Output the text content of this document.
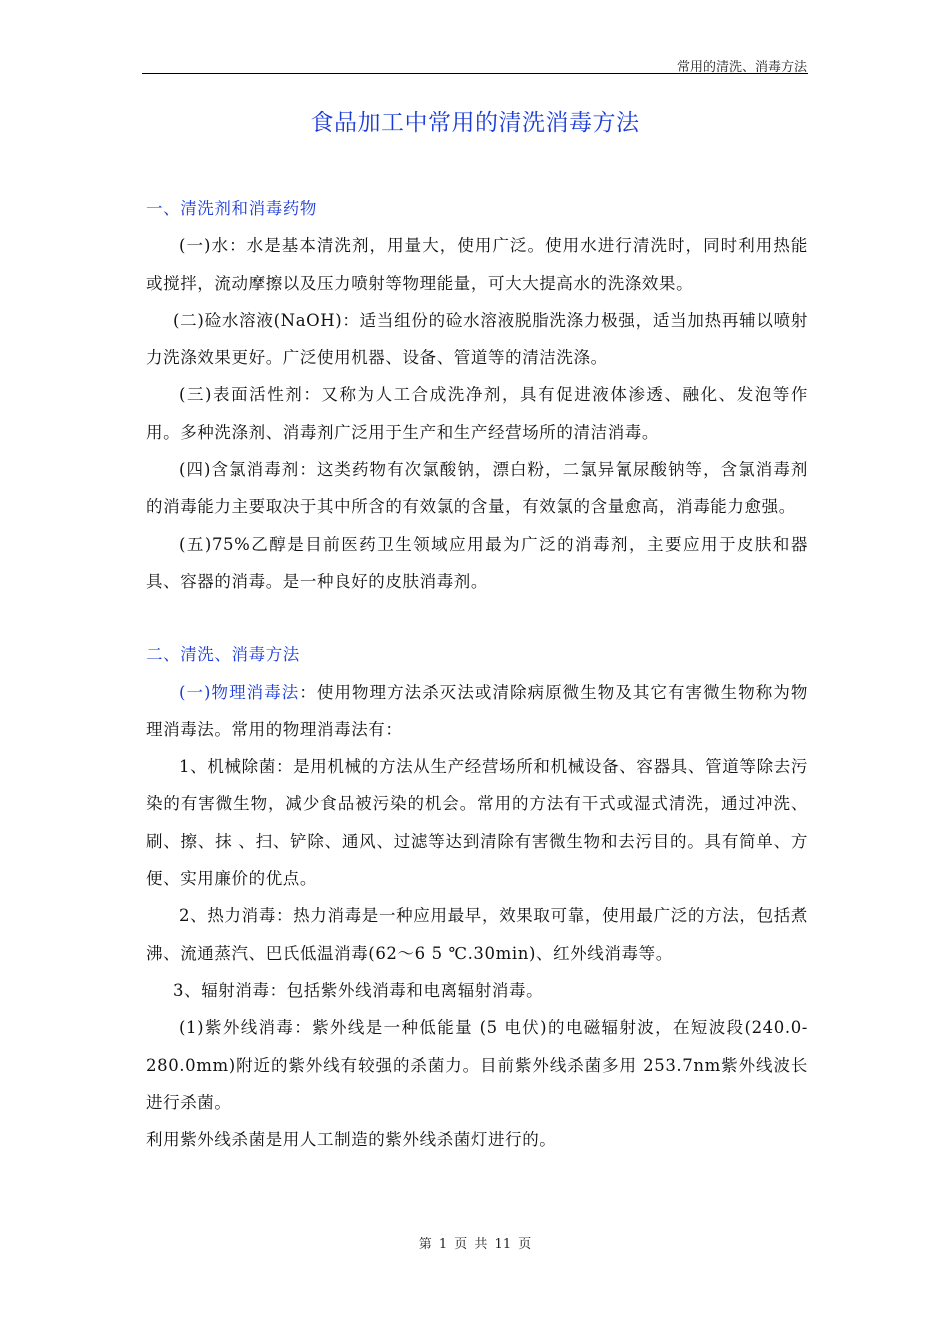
常用的清洗、消毒方法
食品加工中常用的清洗消毒方法

一、清洗剂和消毒药物

(一)水：水是基本清洗剂，用量大，使用广泛。使用水进行清洗时，同时利用热能或搅拌，流动摩擦以及压力喷射等物理能量，可大大提高水的洗涤效果。

(二)硷水溶液(NaOH)：适当组份的硷水溶液脱脂洗涤力极强，适当加热再辅以喷射力洗涤效果更好。广泛使用机器、设备、管道等的清洁洗涤。

(三)表面活性剂：又称为人工合成洗净剂，具有促进液体渗透、融化、发泡等作用。多种洗涤剂、消毒剂广泛用于生产和生产经营场所的清洁消毒。

(四)含氯消毒剂：这类药物有次氯酸钠，漂白粉，二氯异氰尿酸钠等，含氯消毒剂的消毒能力主要取决于其中所含的有效氯的含量，有效氯的含量愈高，消毒能力愈强。

(五)75%乙醇是目前医药卫生领域应用最为广泛的消毒剂，主要应用于皮肤和器具、容器的消毒。是一种良好的皮肤消毒剂。

二、清洗、消毒方法

(一)物理消毒法：使用物理方法杀灭法或清除病原微生物及其它有害微生物称为物理消毒法。常用的物理消毒法有：

1、机械除菌：是用机械的方法从生产经营场所和机械设备、容器具、管道等除去污染的有害微生物，减少食品被污染的机会。常用的方法有干式或湿式清洗，通过冲洗、刷、擦、抹 、扫、铲除、通风、过滤等达到清除有害微生物和去污目的。具有简单、方便、实用廉价的优点。

2、热力消毒：热力消毒是一种应用最早，效果取可靠，使用最广泛的方法，包括煮沸、流通蒸汽、巴氏低温消毒(62～6 5 ℃.30min)、红外线消毒等。

3、辐射消毒：包括紫外线消毒和电离辐射消毒。

(1)紫外线消毒：紫外线是一种低能量 (5 电伏)的电磁辐射波，在短波段(240.0-280.0mm)附近的紫外线有较强的杀菌力。目前紫外线杀菌多用 253.7nm紫外线波长进行杀菌。

利用紫外线杀菌是用人工制造的紫外线杀菌灯进行的。

第 1 页 共 11 页
